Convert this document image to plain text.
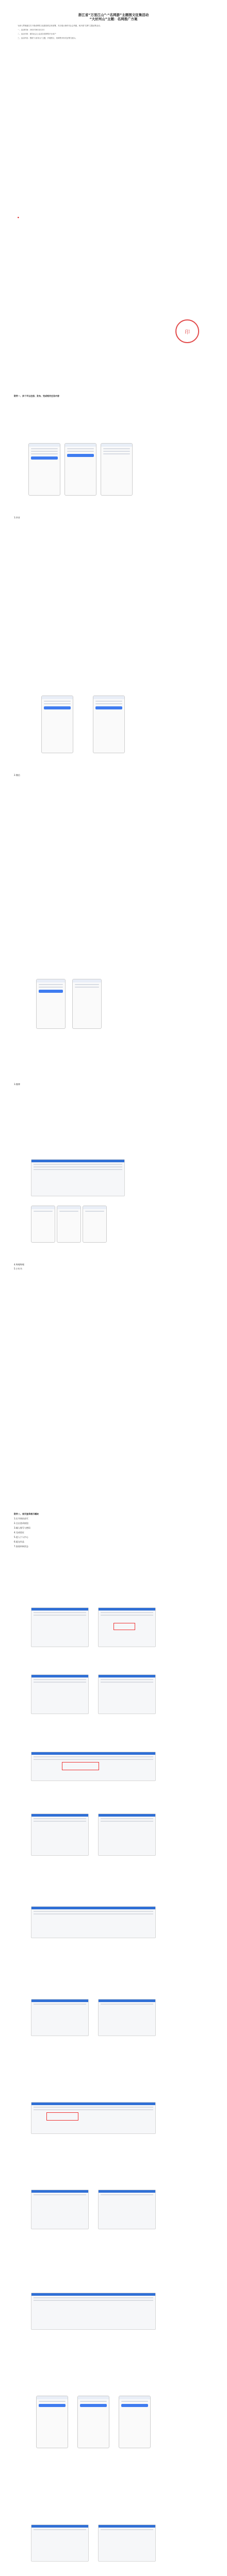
浙江省“万里江山”·“名网游”主题图文征集活动
“大好河山”主题：名网推广方案

为深入贯彻落实关于推动网络文化建设的总体部署，充分展示新时代社会风貌，现开展“名网”主题征集活动。

一、活动时间：2022年8月至12月

二、活动对象：面向社会公众及各类网络平台用户

三、活动内容：围绕“大好河山”主题，开展图文、视频等多形式征集与展示。

●

印
附件一、多个平台注册、发布、完成相关任务内容
1.抖音
2.微信
3.微博
4.哔哩哔哩
5.小红书
附件二、首页登录展示模块
1.打开网站首页
2.点击登录按钮
3.输入账号与密码
4.完成验证
5.进入个人中心
6.提交作品
7.查看审核状态
